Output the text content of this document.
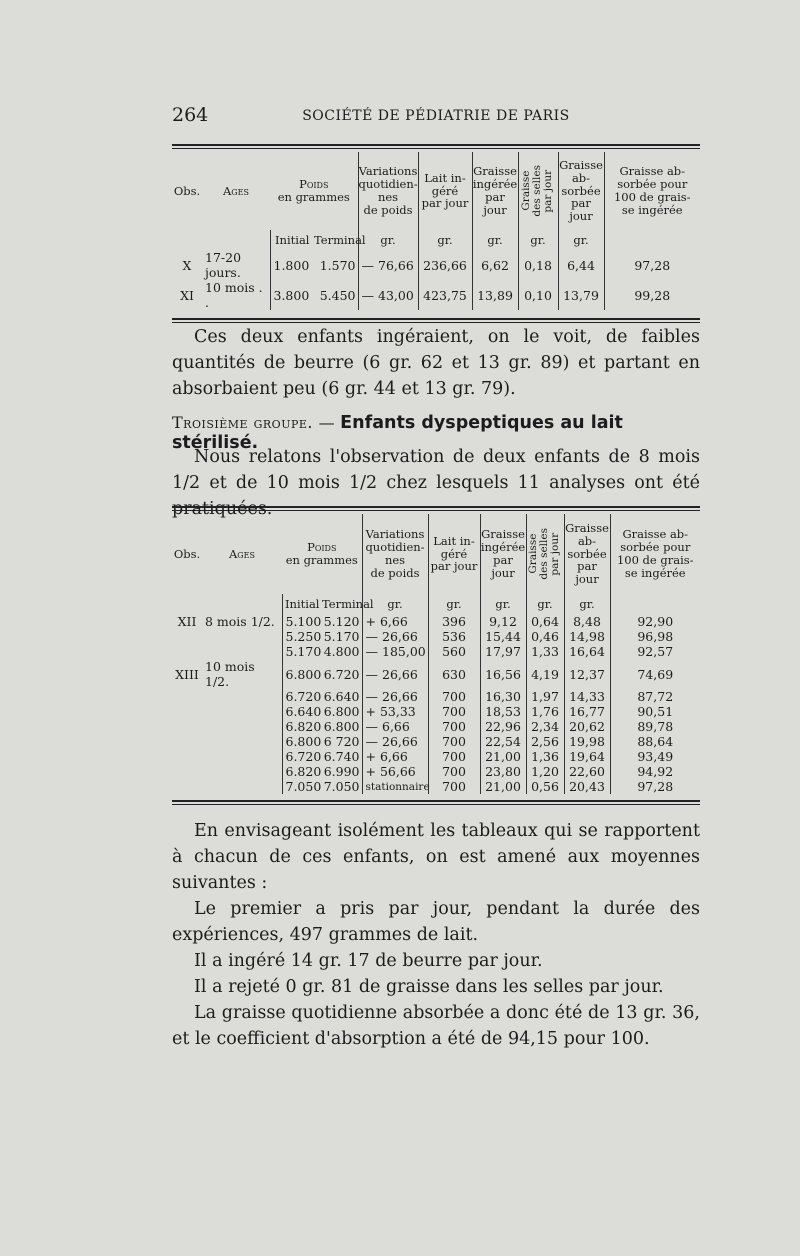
264	SOCIÉTÉ DE PÉDIATRIE DE PARIS
Obs.	Ages	Poids
en grammes		Variations
quotidien-
nes
de poids	Lait in-
géré
par jour	Graisse
ingérée
par jour	Graisse
des selles
par jour	Graisse
ab-
sorbée
par jour	Graisse ab-
sorbée pour
100 de grais-
se ingérée
		Initial	Terminal	gr.	gr.	gr.	gr.	gr.	
X	17-20 jours.	1.800	1.570	— 76,66	236,66	6,62	0,18	6,44	97,28
XI	10 mois . .	3.800	5.450	— 43,00	423,75	13,89	0,10	13,79	99,28

Ces deux enfants ingéraient, on le voit, de faibles quantités de beurre (6 gr. 62 et 13 gr. 89) et partant en absorbaient peu (6 gr. 44 et 13 gr. 79).

Troisième groupe. — Enfants dyspeptiques au lait stérilisé.

Nous relatons l'observation de deux enfants de 8 mois 1/2 et de 10 mois 1/2 chez lesquels 11 analyses ont été pratiquées.

Obs.	Ages	Poids
en grammes		Variations
quotidien-
nes
de poids	Lait in-
géré
par jour	Graisse
ingérée
par jour	Graisse
des selles
par jour	Graisse
ab-
sorbée
par jour	Graisse ab-
sorbée pour
100 de grais-
se ingérée
		Initial	Terminal	gr.	gr.	gr.	gr.	gr.	
XII	8 mois 1/2.	5.100	5.120	+ 6,66	396	9,12	0,64	8,48	92,90
		5.250	5.170	— 26,66	536	15,44	0,46	14,98	96,98
		5.170	4.800	— 185,00	560	17,97	1,33	16,64	92,57
XIII	10 mois 1/2.	6.800	6.720	— 26,66	630	16,56	4,19	12,37	74,69
		6.720	6.640	— 26,66	700	16,30	1,97	14,33	87,72
		6.640	6.800	+ 53,33	700	18,53	1,76	16,77	90,51
		6.820	6.800	— 6,66	700	22,96	2,34	20,62	89,78
		6.800	6 720	— 26,66	700	22,54	2,56	19,98	88,64
		6.720	6.740	+ 6,66	700	21,00	1,36	19,64	93,49
		6.820	6.990	+ 56,66	700	23,80	1,20	22,60	94,92
		7.050	7.050	stationnaire	700	21,00	0,56	20,43	97,28

En envisageant isolément les tableaux qui se rapportent à chacun de ces enfants, on est amené aux moyennes suivantes :

Le premier a pris par jour, pendant la durée des expériences, 497 grammes de lait.

Il a ingéré 14 gr. 17 de beurre par jour.

Il a rejeté 0 gr. 81 de graisse dans les selles par jour.

La graisse quotidienne absorbée a donc été de 13 gr. 36, et le coefficient d'absorption a été de 94,15 pour 100.
